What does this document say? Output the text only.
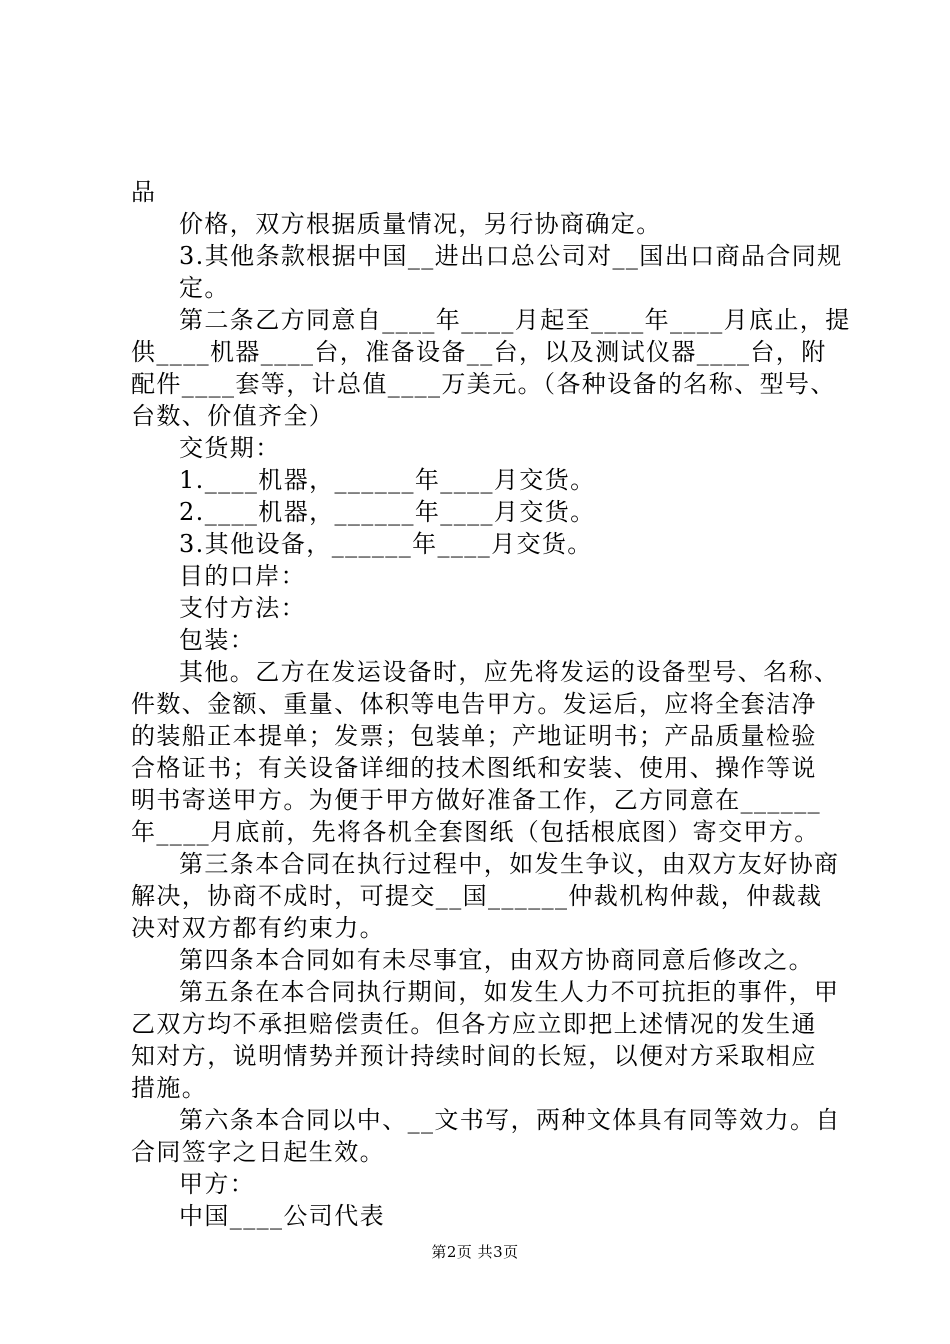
品
价格，双方根据质量情况，另行协商确定。
3.其他条款根据中国__进出口总公司对__国出口商品合同规
定。
第二条乙方同意自____年____月起至____年____月底止，提
供____机器____台，准备设备__台，以及测试仪器____台，附
配件____套等，计总值____万美元。（各种设备的名称、型号、
台数、价值齐全）
交货期：
1.____机器，______年____月交货。
2.____机器，______年____月交货。
3.其他设备，______年____月交货。
目的口岸：
支付方法：
包装：
其他。乙方在发运设备时，应先将发运的设备型号、名称、
件数、金额、重量、体积等电告甲方。发运后，应将全套洁净
的装船正本提单；发票；包装单；产地证明书；产品质量检验
合格证书；有关设备详细的技术图纸和安装、使用、操作等说
明书寄送甲方。为便于甲方做好准备工作，乙方同意在______
年____月底前，先将各机全套图纸（包括根底图）寄交甲方。
第三条本合同在执行过程中，如发生争议，由双方友好协商
解决，协商不成时，可提交__国______仲裁机构仲裁，仲裁裁
决对双方都有约束力。
第四条本合同如有未尽事宜，由双方协商同意后修改之。
第五条在本合同执行期间，如发生人力不可抗拒的事件，甲
乙双方均不承担赔偿责任。但各方应立即把上述情况的发生通
知对方，说明情势并预计持续时间的长短，以便对方采取相应
措施。
第六条本合同以中、__文书写，两种文体具有同等效力。自
合同签字之日起生效。
甲方：
中国____公司代表
第2页 共3页
